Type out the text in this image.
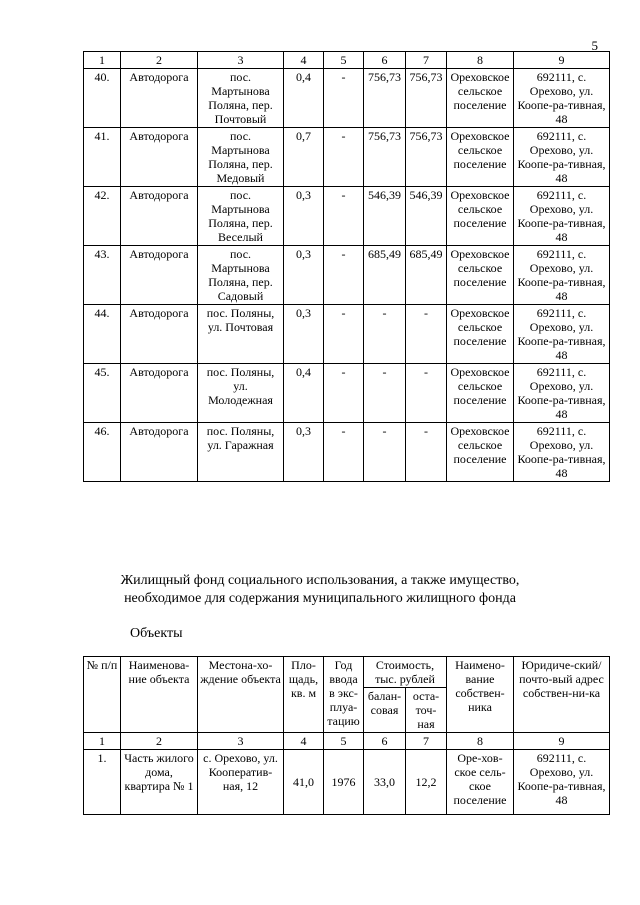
5
1	2	3	4	5	6	7	8	9
40.	Автодорога	пос. Мартынова Поляна, пер. Почтовый	0,4	-	756,73	756,73	Ореховское сельское поселение	692111, с. Орехово, ул. Коопе-ра-тивная, 48
41.	Автодорога	пос. Мартынова Поляна, пер. Медовый	0,7	-	756,73	756,73	Ореховское сельское поселение	692111, с. Орехово, ул. Коопе-ра-тивная, 48
42.	Автодорога	пос. Мартынова Поляна, пер. Веселый	0,3	-	546,39	546,39	Ореховское сельское поселение	692111, с. Орехово, ул. Коопе-ра-тивная, 48
43.	Автодорога	пос. Мартынова Поляна, пер. Садовый	0,3	-	685,49	685,49	Ореховское сельское поселение	692111, с. Орехово, ул. Коопе-ра-тивная, 48
44.	Автодорога	пос. Поляны, ул. Почтовая	0,3	-	-	-	Ореховское сельское поселение	692111, с. Орехово, ул. Коопе-ра-тивная, 48
45.	Автодорога	пос. Поляны, ул. Молодежная	0,4	-	-	-	Ореховское сельское поселение	692111, с. Орехово, ул. Коопе-ра-тивная, 48
46.	Автодорога	пос. Поляны, ул. Гаражная	0,3	-	-	-	Ореховское сельское поселение	692111, с. Орехово, ул. Коопе-ра-тивная, 48
Жилищный фонд социального использования, а также имущество,
необходимое для содержания муниципального жилищного фонда
Объекты
№ п/п	Наименова-ние объекта	Местона-хо-ждение объекта	Пло-щадь, кв. м	Год ввода в экс-плуа-тацию	Стоимость, тыс. рублей		Наимено-вание собствен-ника	Юридиче-ский/почто-вый адрес собствен-ни-ка
					балан-совая	оста-точ-ная		
1	2	3	4	5	6	7	8	9
1.	Часть жилого дома, квартира № 1	с. Орехово, ул. Кооператив-ная, 12	41,0	1976	33,0	12,2	Оре-хов-ское сель-ское поселение	692111, с. Орехово, ул. Коопе-ра-тивная, 48
